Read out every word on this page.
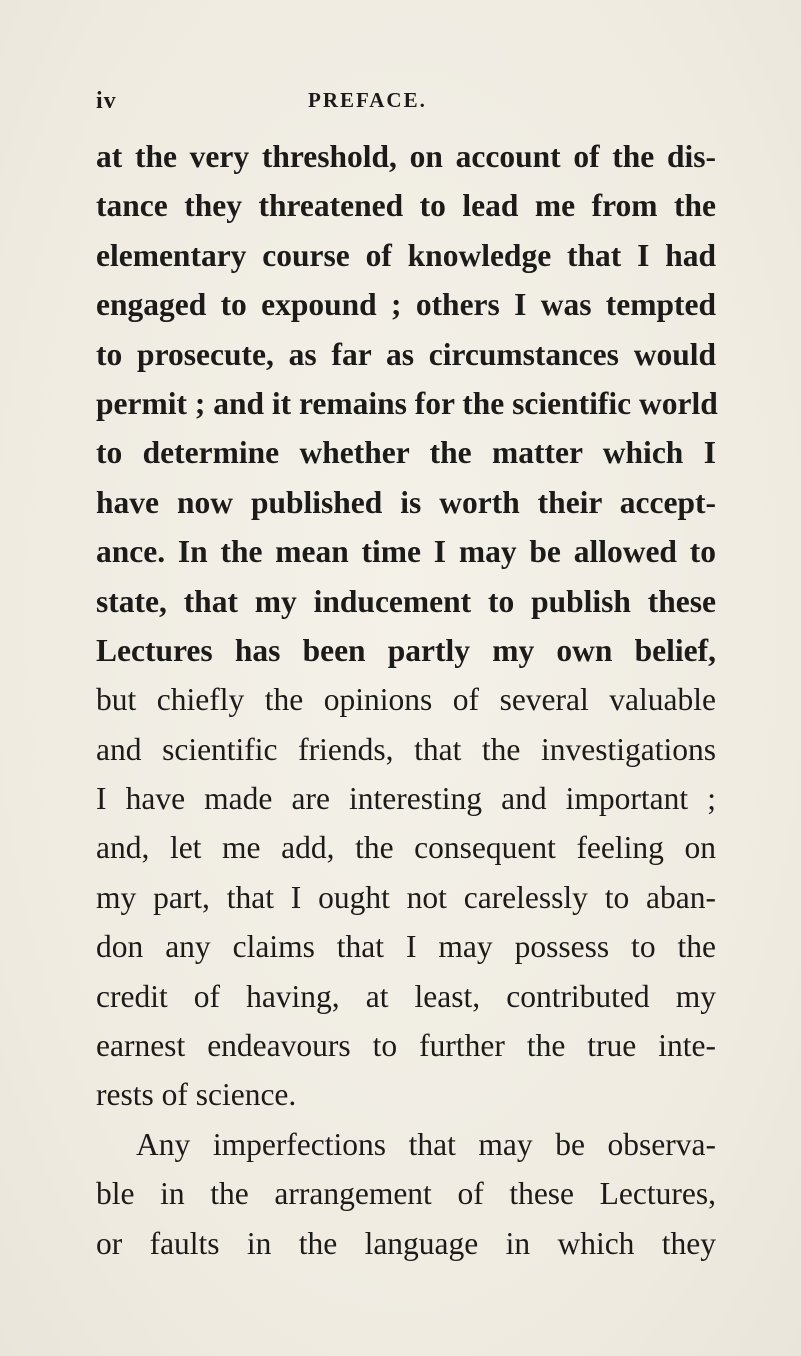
iv	PREFACE.
at the very threshold, on account of the dis-
tance they threatened to lead me from the
elementary course of knowledge that I had
engaged to expound ; others I was tempted
to prosecute, as far as circumstances would
permit ; and it remains for the scientific world
to determine whether the matter which I
have now published is worth their accept-
ance. In the mean time I may be allowed to
state, that my inducement to publish these
Lectures has been partly my own belief,
but chiefly the opinions of several valuable
and scientific friends, that the investigations
I have made are interesting and important ;
and, let me add, the consequent feeling on
my part, that I ought not carelessly to aban-
don any claims that I may possess to the
credit of having, at least, contributed my
earnest endeavours to further the true inte-
rests of science.
Any imperfections that may be observa-
ble in the arrangement of these Lectures,
or faults in the language in which they
